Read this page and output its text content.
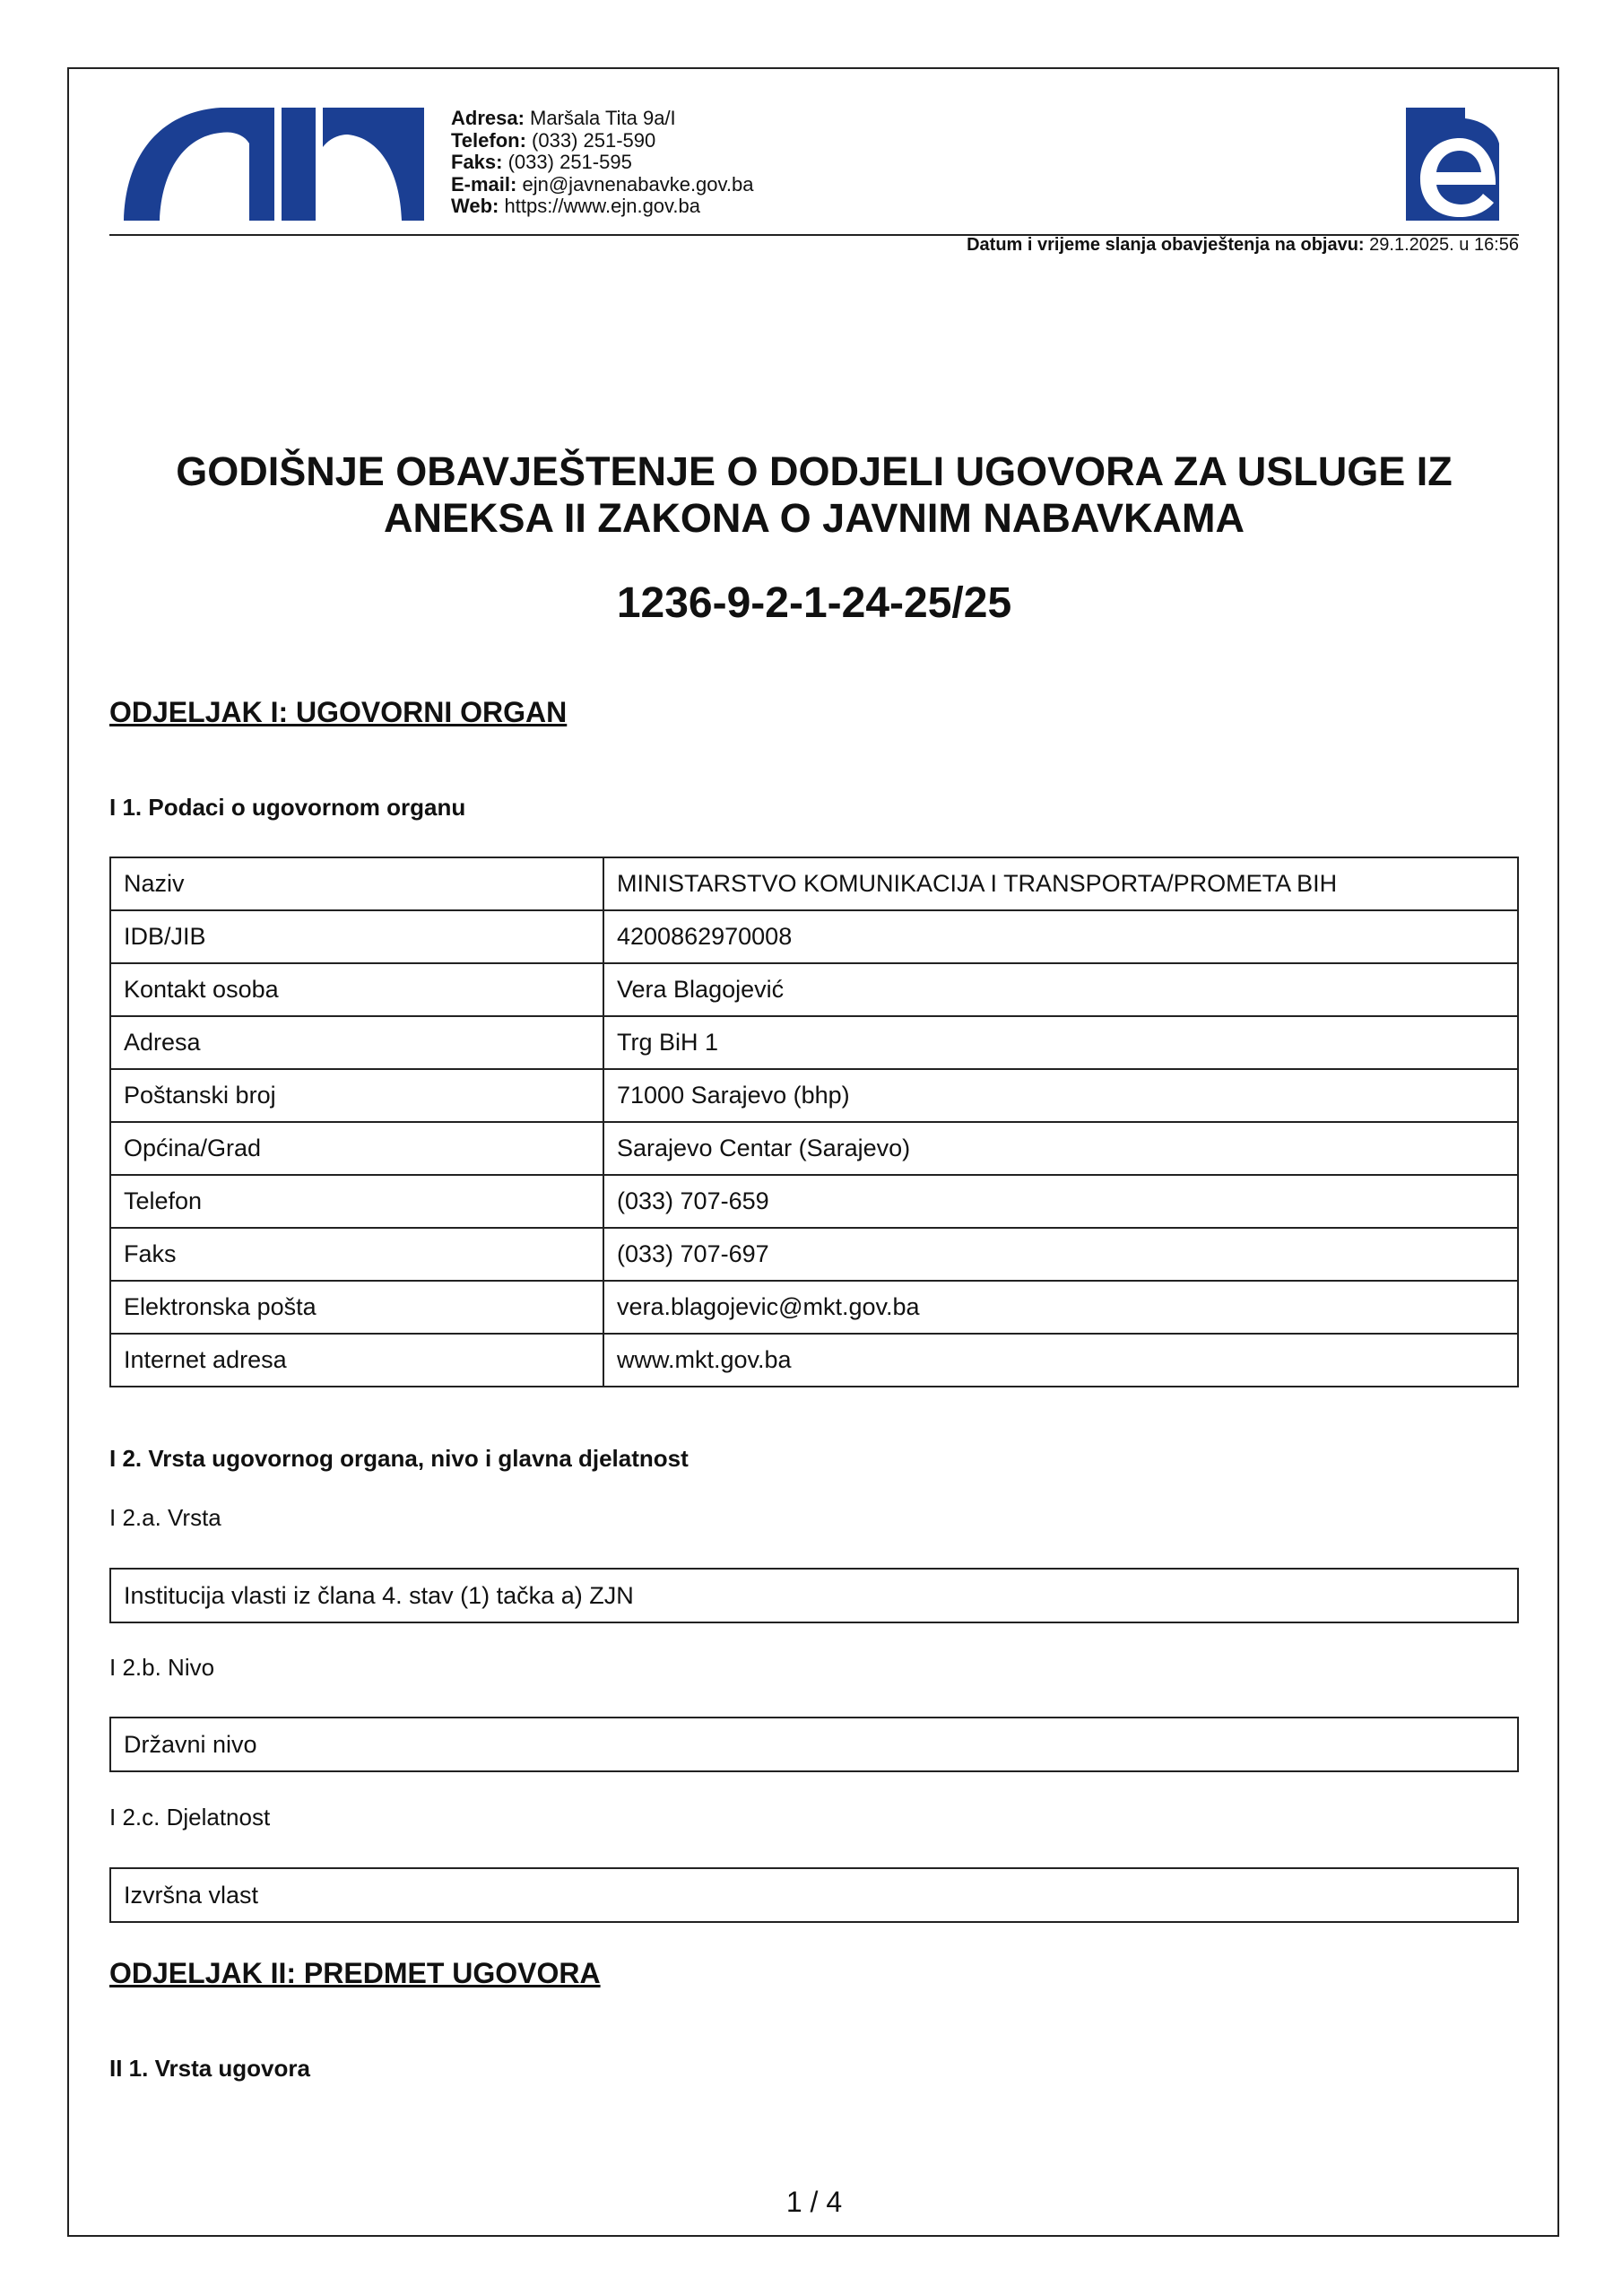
Adresa: Maršala Tita 9a/I
Telefon: (033) 251-590
Faks: (033) 251-595
E-mail: ejn@javnenabavke.gov.ba
Web: https://www.ejn.gov.ba
Datum i vrijeme slanja obavještenja na objavu: 29.1.2025. u 16:56
GODIŠNJE OBAVJEŠTENJE O DODJELI UGOVORA ZA USLUGE IZ
ANEKSA II ZAKONA O JAVNIM NABAVKAMA
1236-9-2-1-24-25/25
ODJELJAK I: UGOVORNI ORGAN
I 1. Podaci o ugovornom organu
Naziv	MINISTARSTVO KOMUNIKACIJA I TRANSPORTA/PROMETA BIH
IDB/JIB	4200862970008
Kontakt osoba	Vera Blagojević
Adresa	Trg BiH 1
Poštanski broj	71000 Sarajevo (bhp)
Općina/Grad	Sarajevo Centar (Sarajevo)
Telefon	(033) 707-659
Faks	(033) 707-697
Elektronska pošta	vera.blagojevic@mkt.gov.ba
Internet adresa	www.mkt.gov.ba
I 2. Vrsta ugovornog organa, nivo i glavna djelatnost
I 2.a. Vrsta
Institucija vlasti iz člana 4. stav (1) tačka a) ZJN
I 2.b. Nivo
Državni nivo
I 2.c. Djelatnost
Izvršna vlast
ODJELJAK II: PREDMET UGOVORA
II 1. Vrsta ugovora
1 / 4
